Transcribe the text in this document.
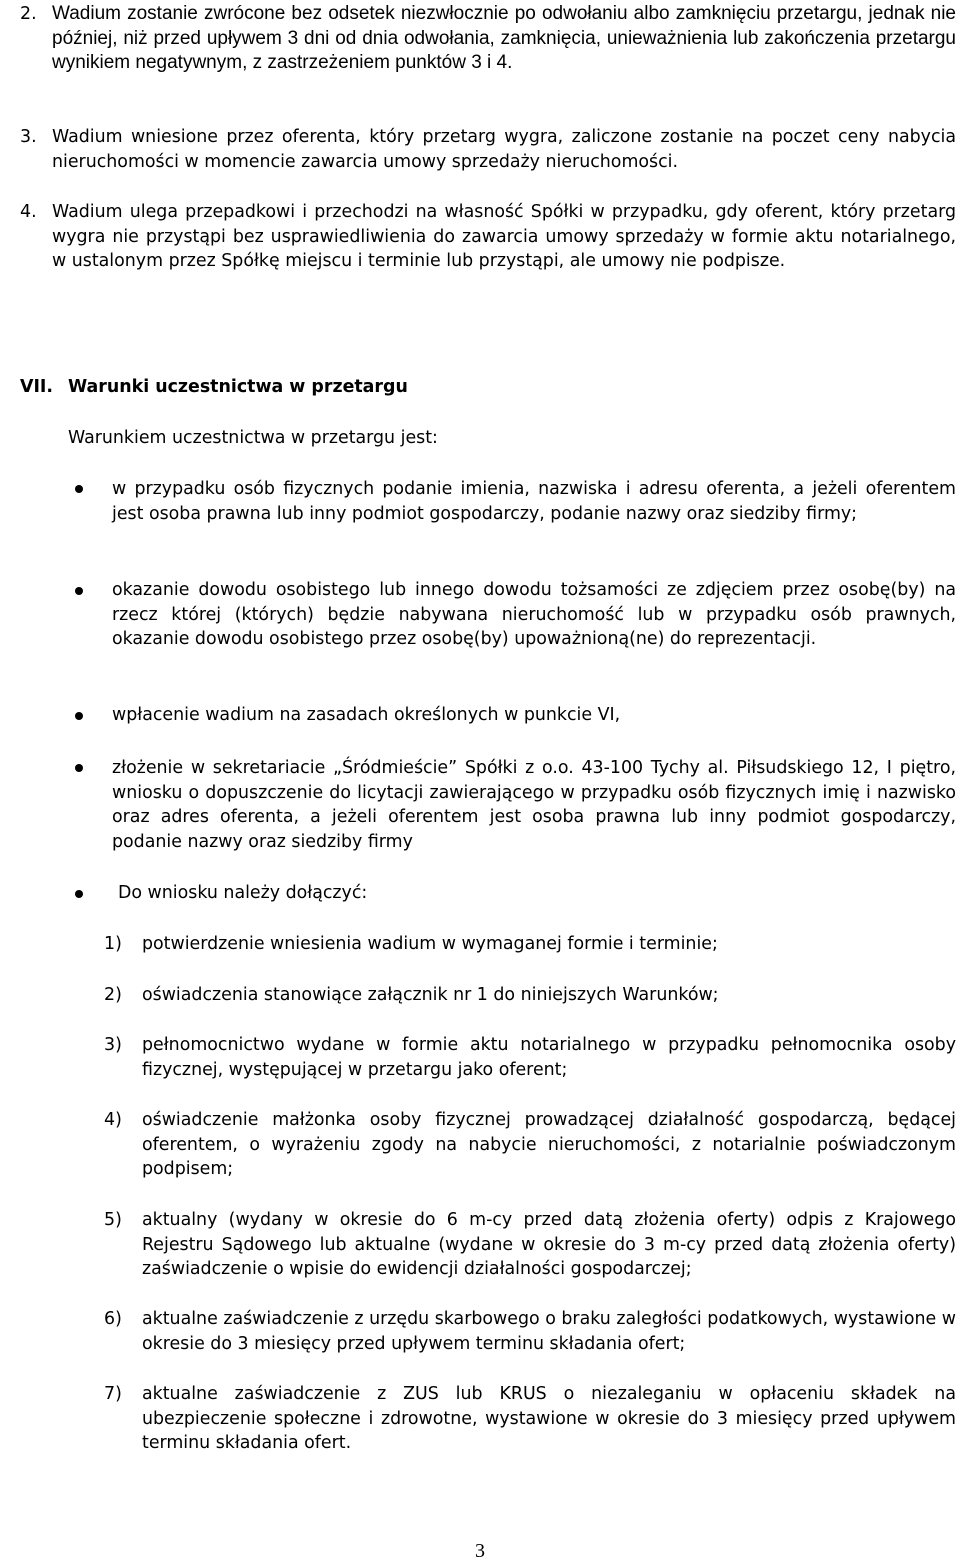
2. Wadium zostanie zwrócone bez odsetek niezwłocznie po odwołaniu albo zamknięciu przetargu, jednak nie później, niż przed upływem 3 dni od dnia odwołania, zamknięcia, unieważnienia lub zakończenia przetargu wynikiem negatywnym, z zastrzeżeniem punktów 3 i 4.

3. Wadium wniesione przez oferenta, który przetarg wygra, zaliczone zostanie na poczet ceny nabycia nieruchomości w momencie zawarcia umowy sprzedaży nieruchomości.

4. Wadium ulega przepadkowi i przechodzi na własność Spółki w przypadku, gdy oferent, który przetarg wygra nie przystąpi bez usprawiedliwienia do zawarcia umowy sprzedaży w formie aktu notarialnego, w ustalonym przez Spółkę miejscu i terminie lub przystąpi, ale umowy nie podpisze.

VII. Warunki uczestnictwa w przetargu

Warunkiem uczestnictwa w przetargu jest:

w przypadku osób fizycznych podanie imienia, nazwiska i adresu oferenta, a jeżeli oferentem jest osoba prawna lub inny podmiot gospodarczy, podanie nazwy oraz siedziby firmy;

okazanie dowodu osobistego lub innego dowodu tożsamości ze zdjęciem przez osobę(by) na rzecz której (których) będzie nabywana nieruchomość lub w przypadku osób prawnych, okazanie dowodu osobistego przez osobę(by) upoważnioną(ne) do reprezentacji.

wpłacenie wadium na zasadach określonych w punkcie VI,

złożenie w sekretariacie „Śródmieście” Spółki z o.o. 43-100 Tychy al. Piłsudskiego 12, I piętro, wniosku o dopuszczenie do licytacji zawierającego w przypadku osób fizycznych imię i nazwisko oraz adres oferenta, a jeżeli oferentem jest osoba prawna lub inny podmiot gospodarczy, podanie nazwy oraz siedziby firmy

Do wniosku należy dołączyć:

1) potwierdzenie wniesienia wadium w wymaganej formie i terminie;

2) oświadczenia stanowiące załącznik nr 1 do niniejszych Warunków;

3) pełnomocnictwo wydane w formie aktu notarialnego w przypadku pełnomocnika osoby fizycznej, występującej w przetargu jako oferent;

4) oświadczenie małżonka osoby fizycznej prowadzącej działalność gospodarczą, będącej oferentem, o wyrażeniu zgody na nabycie nieruchomości, z notarialnie poświadczonym podpisem;

5) aktualny (wydany w okresie do 6 m-cy przed datą złożenia oferty) odpis z Krajowego Rejestru Sądowego lub aktualne (wydane w okresie do 3 m-cy przed datą złożenia oferty) zaświadczenie o wpisie do ewidencji działalności gospodarczej;

6) aktualne zaświadczenie z urzędu skarbowego o braku zaległości podatkowych, wystawione w okresie do 3 miesięcy przed upływem terminu składania ofert;

7) aktualne zaświadczenie z ZUS lub KRUS o niezaleganiu w opłaceniu składek na ubezpieczenie społeczne i zdrowotne, wystawione w okresie do 3 miesięcy przed upływem terminu składania ofert.

3
